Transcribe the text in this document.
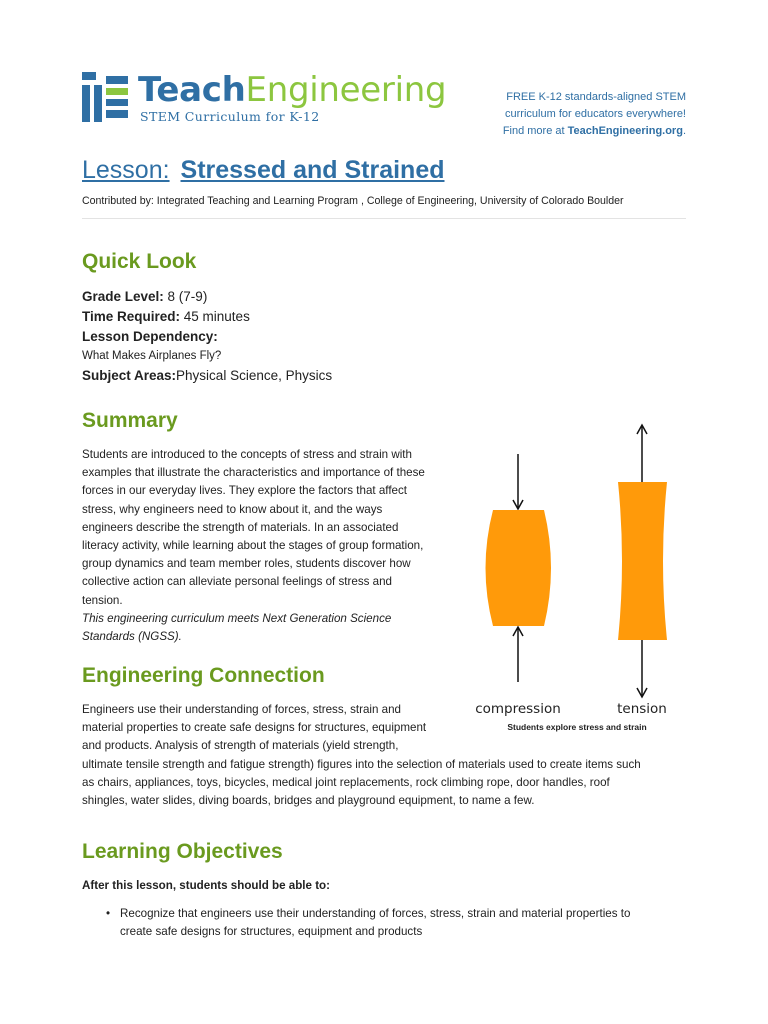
TeachEngineering
STEM Curriculum for K-12
FREE K-12 standards-aligned STEM
curriculum for educators everywhere!
Find more at TeachEngineering.org.
Lesson: Stressed and Strained
Contributed by: Integrated Teaching and Learning Program , College of Engineering, University of Colorado Boulder
Quick Look
Grade Level: 8 (7-9)
Time Required: 45 minutes
Lesson Dependency:
What Makes Airplanes Fly?
Subject Areas:Physical Science, Physics
Summary
Students are introduced to the concepts of stress and strain with
examples that illustrate the characteristics and importance of these
forces in our everyday lives. They explore the factors that affect
stress, why engineers need to know about it, and the ways
engineers describe the strength of materials. In an associated
literacy activity, while learning about the stages of group formation,
group dynamics and team member roles, students discover how
collective action can alleviate personal feelings of stress and
tension.
This engineering curriculum meets Next Generation Science
Standards (NGSS).
compression	tension
Students explore stress and strain
Engineering Connection
Engineers use their understanding of forces, stress, strain and
material properties to create safe designs for structures, equipment
and products. Analysis of strength of materials (yield strength,
ultimate tensile strength and fatigue strength) figures into the selection of materials used to create items such
as chairs, appliances, toys, bicycles, medical joint replacements, rock climbing rope, door handles, roof
shingles, water slides, diving boards, bridges and playground equipment, to name a few.
Learning Objectives
After this lesson, students should be able to:
• Recognize that engineers use their understanding of forces, stress, strain and material properties to
create safe designs for structures, equipment and products
